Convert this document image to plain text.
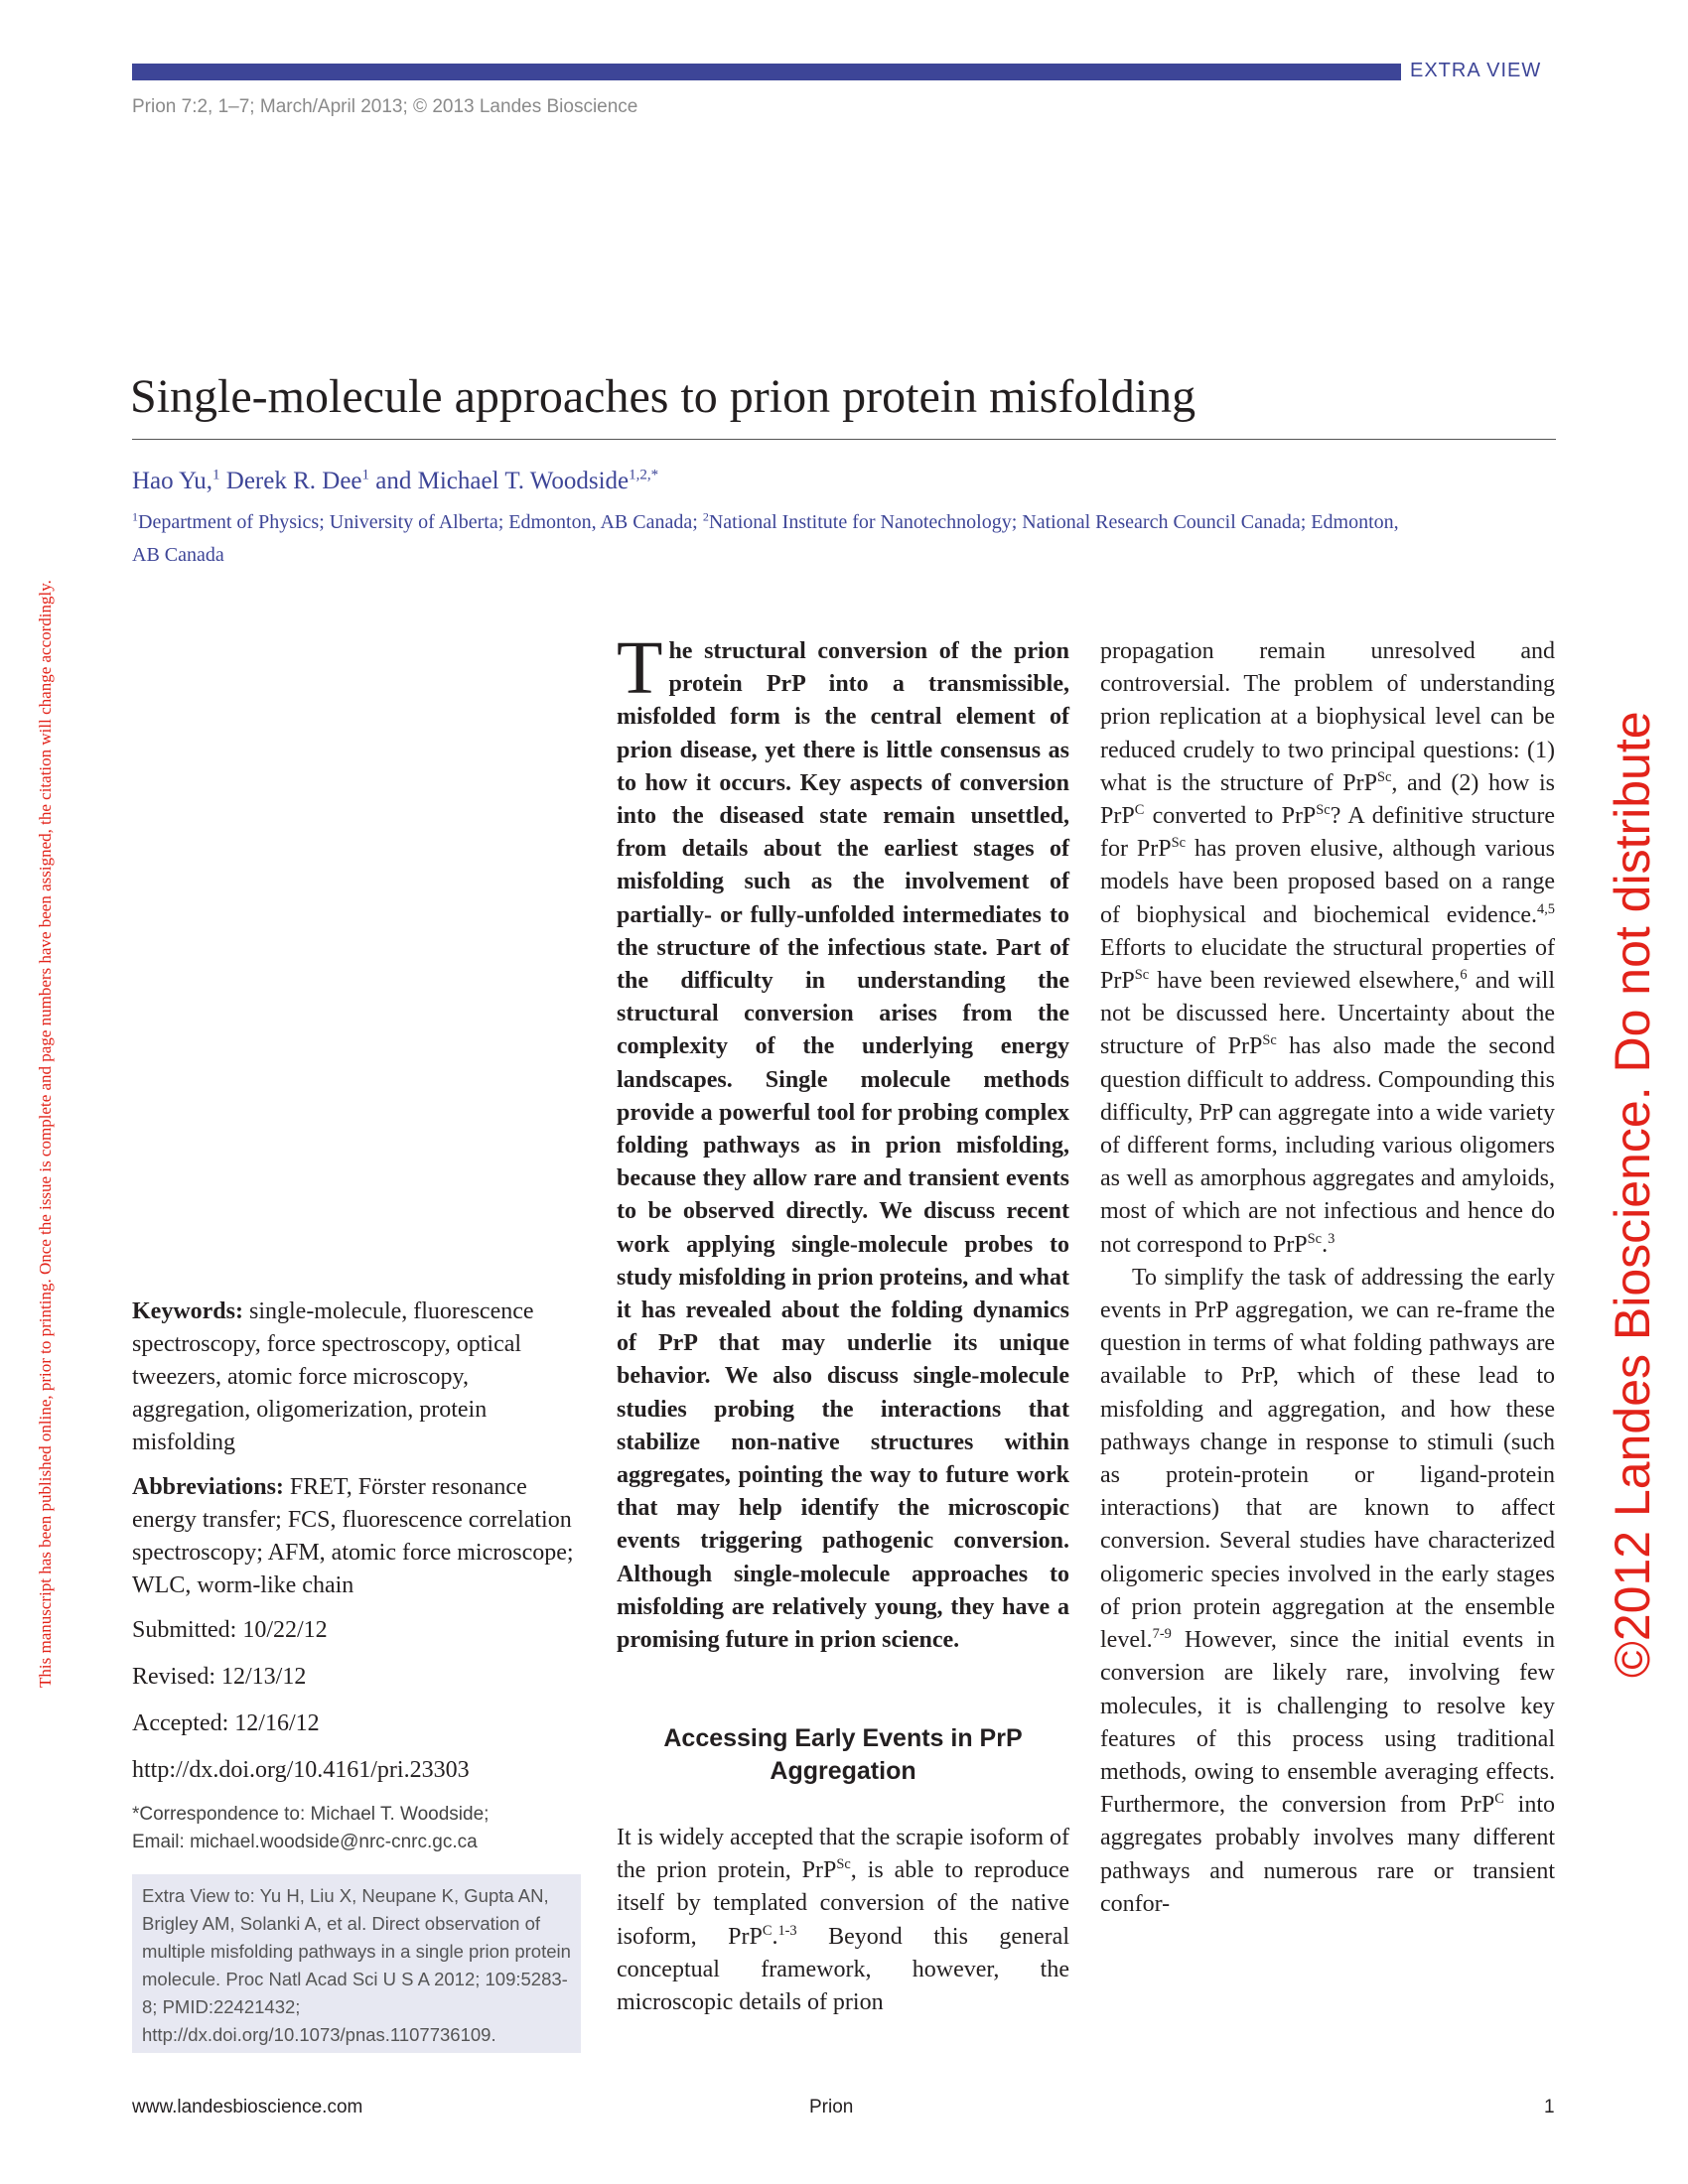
EXTRA VIEW
Prion 7:2, 1–7; March/April 2013; © 2013 Landes Bioscience
Single-molecule approaches to prion protein misfolding
Hao Yu,$^1$ Derek R. Dee$^1$ and Michael T. Woodside$^{1,2,*}$
$^1$Department of Physics; University of Alberta; Edmonton, AB Canada; $^2$National Institute for Nanotechnology; National Research Council Canada; Edmonton, AB Canada
This manuscript has been published online, prior to printing. Once the issue is complete and page numbers have been assigned, the citation will change accordingly.	©2012 Landes Bioscience. Do not distribute

Keywords: single-molecule, fluorescence spectroscopy, force spectroscopy, optical tweezers, atomic force microscopy, aggregation, oligomerization, protein misfolding

Abbreviations: FRET, Förster resonance energy transfer; FCS, fluorescence correlation spectroscopy; AFM, atomic force microscope; WLC, worm-like chain

Submitted: 10/22/12

Revised: 12/13/12

Accepted: 12/16/12

http://dx.doi.org/10.4161/pri.23303

*Correspondence to: Michael T. Woodside;
Email: michael.woodside@nrc-cnrc.gc.ca
Extra View to: Yu H, Liu X, Neupane K, Gupta AN, Brigley AM, Solanki A, et al. Direct observation of multiple misfolding pathways in a single prion protein molecule. Proc Natl Acad Sci U S A 2012; 109:5283-8; PMID:22421432; http://dx.doi.org/10.1073/pnas.1107736109.
The structural conversion of the prion protein PrP into a transmissible, misfolded form is the central element of prion disease, yet there is little consensus as to how it occurs. Key aspects of conversion into the diseased state remain unsettled, from details about the earliest stages of misfolding such as the involvement of partially- or fully-unfolded intermediates to the structure of the infectious state. Part of the difficulty in understanding the structural conversion arises from the complexity of the underlying energy landscapes. Single molecule methods provide a powerful tool for probing complex folding pathways as in prion misfolding, because they allow rare and transient events to be observed directly. We discuss recent work applying single-molecule probes to study misfolding in prion proteins, and what it has revealed about the folding dynamics of PrP that may underlie its unique behavior. We also discuss single-molecule studies probing the interactions that stabilize non-native structures within aggregates, pointing the way to future work that may help identify the microscopic events triggering pathogenic conversion. Although single-molecule approaches to misfolding are relatively young, they have a promising future in prion science.
Accessing Early Events in PrP Aggregation
It is widely accepted that the scrapie isoform of the prion protein, PrP$^{Sc}$, is able to reproduce itself by templated conversion of the native isoform, PrP$^C$.$^{1-3}$ Beyond this general conceptual framework, however, the microscopic details of prion

propagation remain unresolved and controversial. The problem of understanding prion replication at a biophysical level can be reduced crudely to two principal questions: (1) what is the structure of PrP$^{Sc}$, and (2) how is PrP$^C$ converted to PrP$^{Sc}$? A definitive structure for PrP$^{Sc}$ has proven elusive, although various models have been proposed based on a range of biophysical and biochemical evidence.$^{4,5}$ Efforts to elucidate the structural properties of PrP$^{Sc}$ have been reviewed elsewhere,$^6$ and will not be discussed here. Uncertainty about the structure of PrP$^{Sc}$ has also made the second question difficult to address. Compounding this difficulty, PrP can aggregate into a wide variety of different forms, including various oligomers as well as amorphous aggregates and amyloids, most of which are not infectious and hence do not correspond to PrP$^{Sc}$.$^3$

To simplify the task of addressing the early events in PrP aggregation, we can re-frame the question in terms of what folding pathways are available to PrP, which of these lead to misfolding and aggregation, and how these pathways change in response to stimuli (such as protein-protein or ligand-protein interactions) that are known to affect conversion. Several studies have characterized oligomeric species involved in the early stages of prion protein aggregation at the ensemble level.$^{7-9}$ However, since the initial events in conversion are likely rare, involving few molecules, it is challenging to resolve key features of this process using traditional methods, owing to ensemble averaging effects. Furthermore, the conversion from PrP$^C$ into aggregates probably involves many different pathways and numerous rare or transient confor-

www.landesbioscience.com	Prion	1
